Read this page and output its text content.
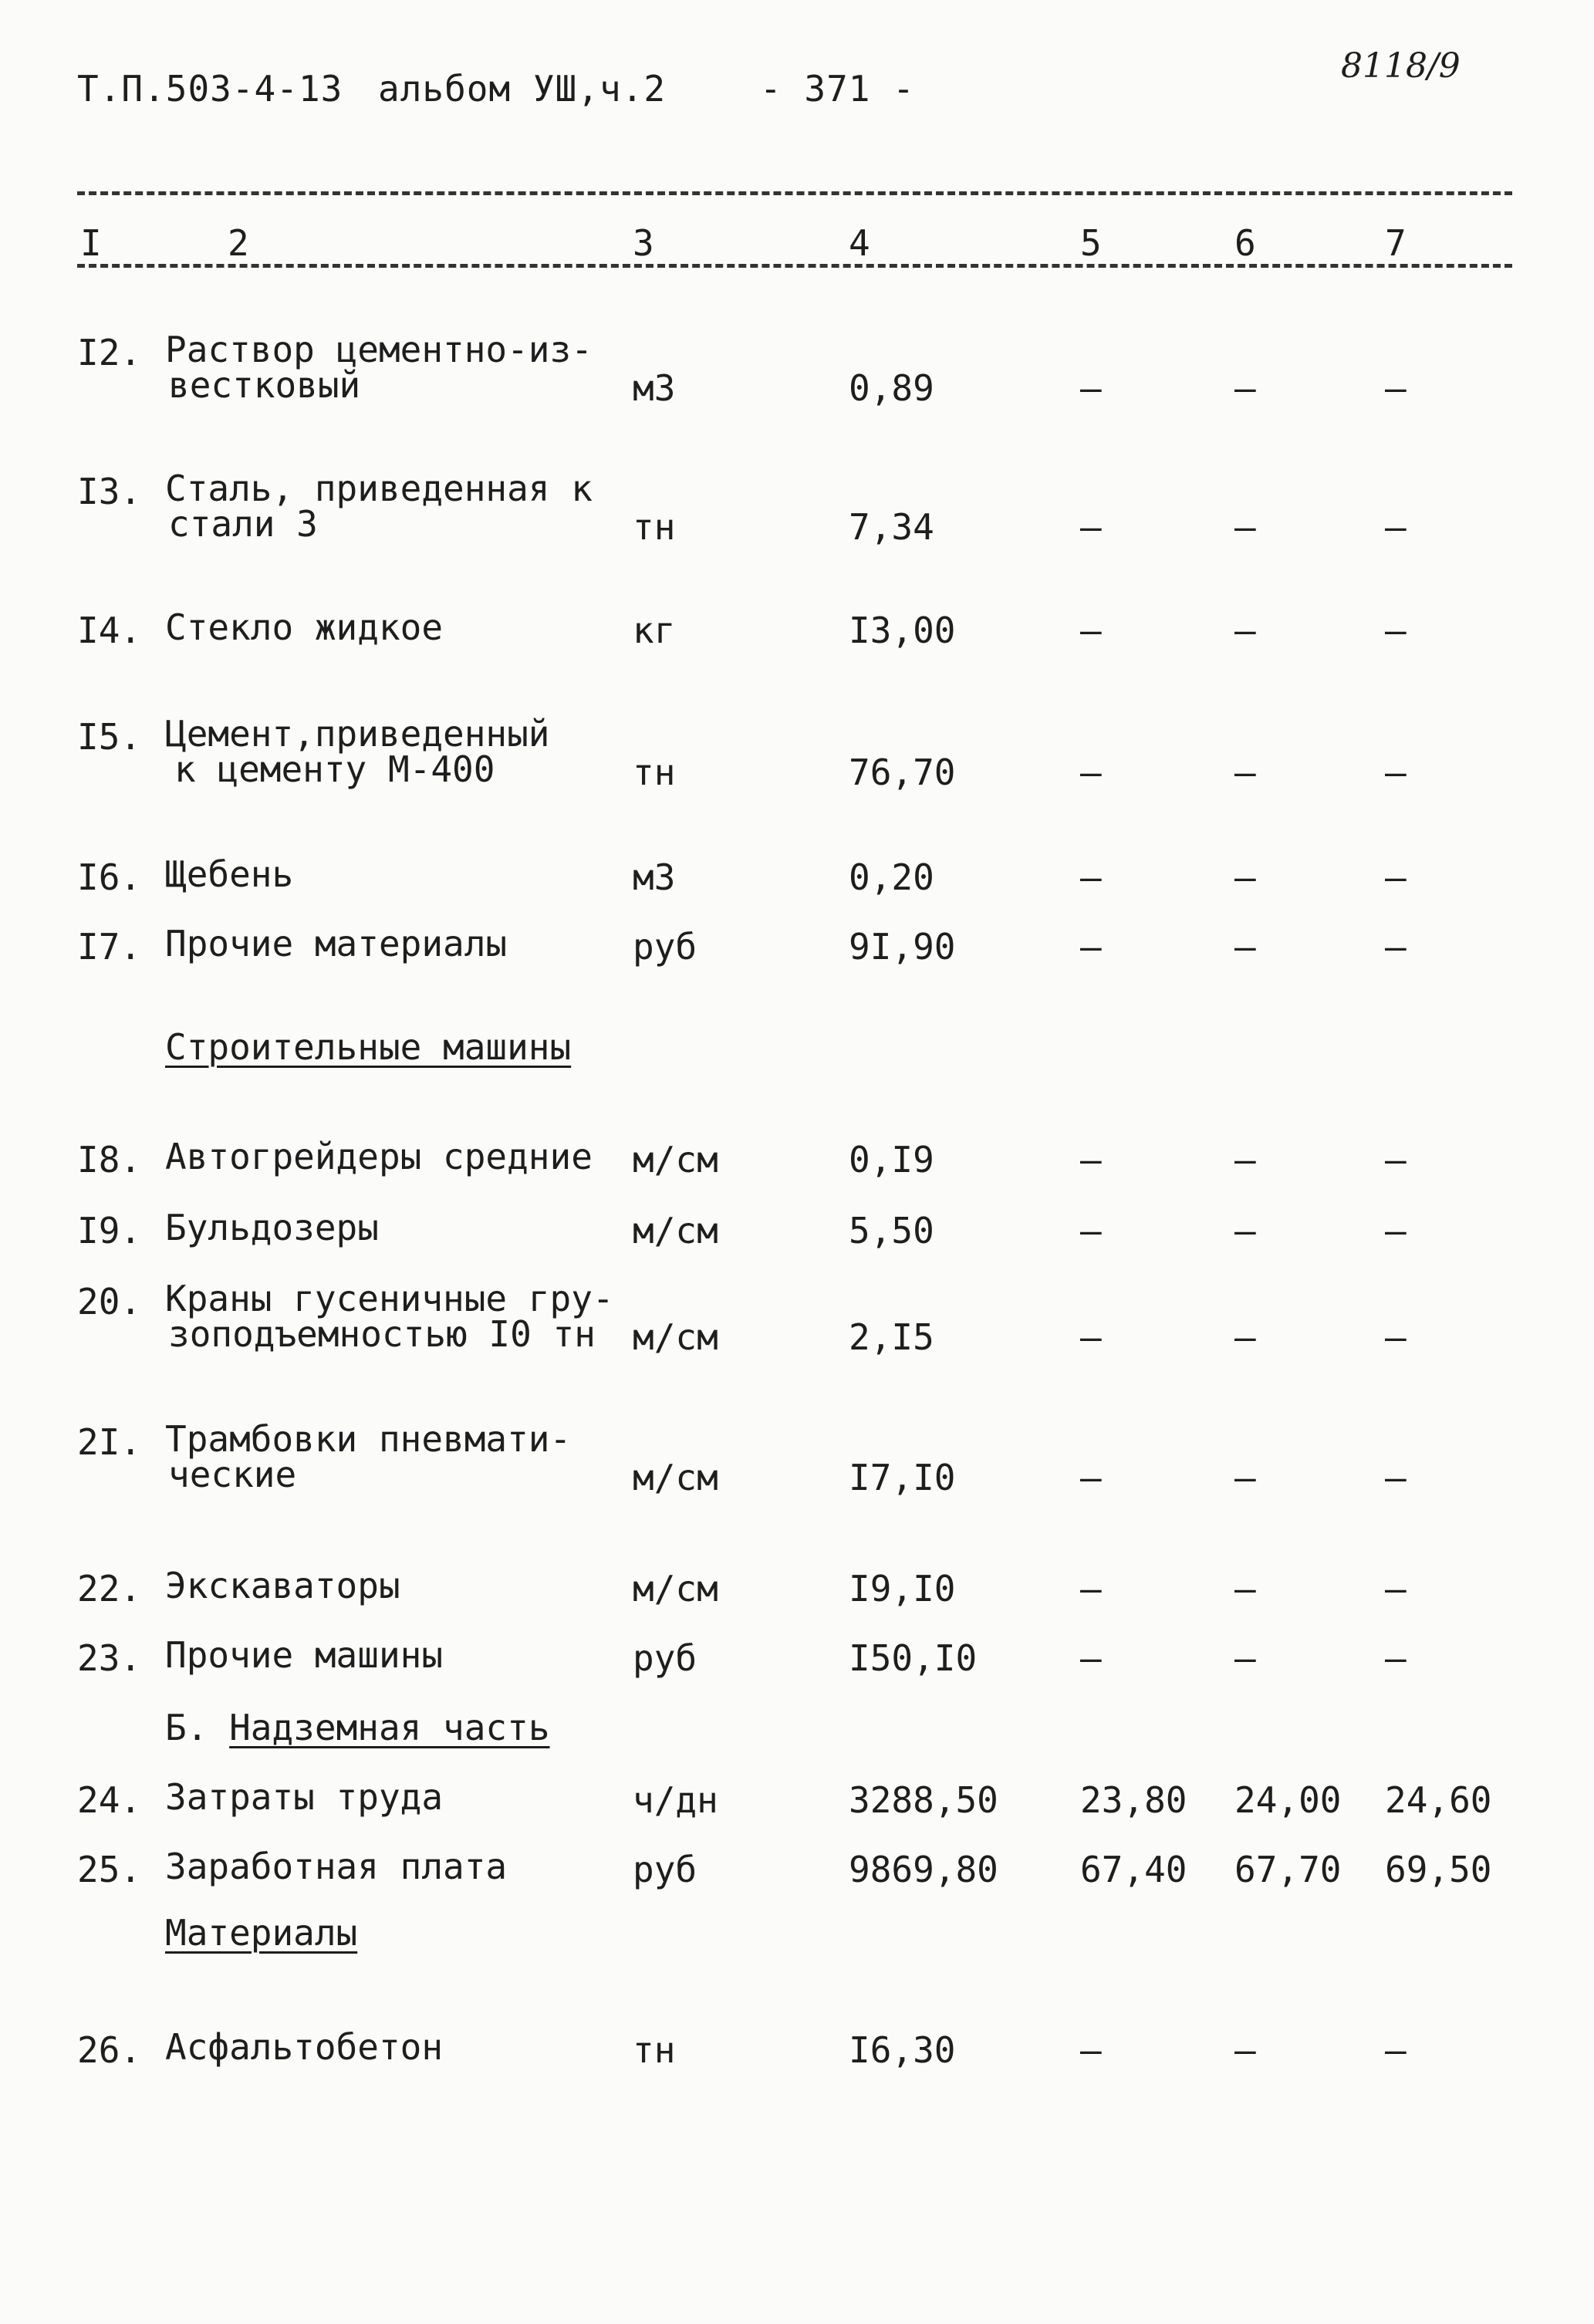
Т.П.503-4-13 альбом УШ,ч.2	- 371 -
8118/9
I	2	3	4	5	6	7
I2. Раствор цементно-из-
вестковый	м3	0,89	–	–	–
I3. Сталь, приведенная к
стали 3	тн	7,34	–	–	–
I4. Стекло жидкое	кг	I3,00	–	–	–
I5. Цемент,приведенный
к цементу М-400	тн	76,70	–	–	–
I6. Щебень	м3	0,20	–	–	–
I7. Прочие материалы	руб	9I,90	–	–	–
Строительные машины
I8. Автогрейдеры средние м/см	0,I9	–	–	–
I9. Бульдозеры	м/см	5,50	–	–	–
20. Краны гусеничные гру-
зоподъемностью I0 тн	м/см	2,I5	–	–	–
2I. Трамбовки пневмати-
ческие	м/см	I7,I0	–	–	–
22. Экскаваторы	м/см	I9,I0	–	–	–
23. Прочие машины	руб	I50,I0	–	–	–
Б. Надземная часть
24. Затраты труда	ч/дн	3288,50 23,80 24,00 24,60
25. Заработная плата	руб	9869,80 67,40 67,70 69,50
Материалы
26. Асфальтобетон	тн	I6,30	–	–	–
